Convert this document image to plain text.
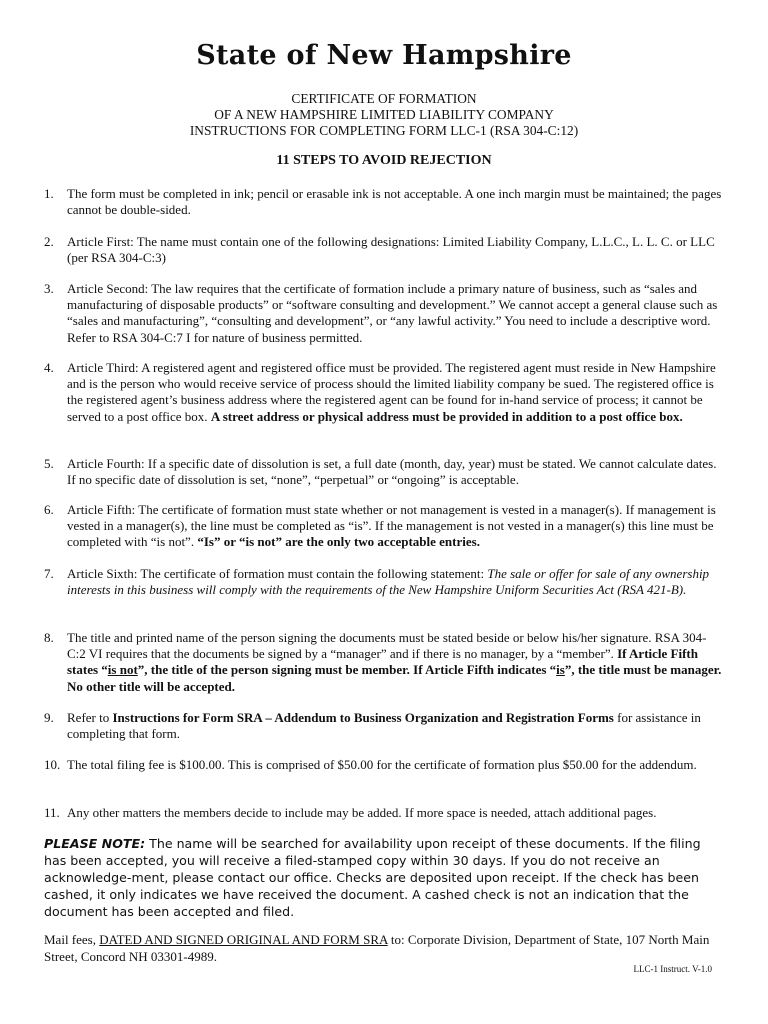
State of New Hampshire
CERTIFICATE OF FORMATION
OF A NEW HAMPSHIRE LIMITED LIABILITY COMPANY
INSTRUCTIONS FOR COMPLETING FORM LLC-1 (RSA 304-C:12)
11 STEPS TO AVOID REJECTION
1. The form must be completed in ink; pencil or erasable ink is not acceptable. A one inch margin must be maintained; the pages cannot be double-sided.
2. Article First: The name must contain one of the following designations: Limited Liability Company, L.L.C., L. L. C. or LLC (per RSA 304-C:3)
3. Article Second: The law requires that the certificate of formation include a primary nature of business, such as “sales and manufacturing of disposable products” or “software consulting and development.” We cannot accept a general clause such as “sales and manufacturing”, “consulting and development”, or “any lawful activity.” You need to include a descriptive word. Refer to RSA 304-C:7 I for nature of business permitted.
4. Article Third: A registered agent and registered office must be provided. The registered agent must reside in New Hampshire and is the person who would receive service of process should the limited liability company be sued. The registered office is the registered agent’s business address where the registered agent can be found for in-hand service of process; it cannot be served to a post office box. A street address or physical address must be provided in addition to a post office box.
5. Article Fourth: If a specific date of dissolution is set, a full date (month, day, year) must be stated. We cannot calculate dates. If no specific date of dissolution is set, “none”, “perpetual” or “ongoing” is acceptable.
6. Article Fifth: The certificate of formation must state whether or not management is vested in a manager(s). If management is vested in a manager(s), the line must be completed as “is”. If the management is not vested in a manager(s) this line must be completed with “is not”. “Is” or “is not” are the only two acceptable entries.
7. Article Sixth: The certificate of formation must contain the following statement: The sale or offer for sale of any ownership interests in this business will comply with the requirements of the New Hampshire Uniform Securities Act (RSA 421-B).
8. The title and printed name of the person signing the documents must be stated beside or below his/her signature. RSA 304-C:2 VI requires that the documents be signed by a “manager” and if there is no manager, by a “member”. If Article Fifth states “is not”, the title of the person signing must be member. If Article Fifth indicates “is”, the title must be manager. No other title will be accepted.
9. Refer to Instructions for Form SRA – Addendum to Business Organization and Registration Forms for assistance in completing that form.
10. The total filing fee is $100.00. This is comprised of $50.00 for the certificate of formation plus $50.00 for the addendum.
11. Any other matters the members decide to include may be added. If more space is needed, attach additional pages.
PLEASE NOTE: The name will be searched for availability upon receipt of these documents. If the filing has been accepted, you will receive a filed-stamped copy within 30 days. If you do not receive an acknowledge-ment, please contact our office. Checks are deposited upon receipt. If the check has been cashed, it only indicates we have received the document. A cashed check is not an indication that the document has been accepted and filed.
Mail fees, DATED AND SIGNED ORIGINAL AND FORM SRA to: Corporate Division, Department of State, 107 North Main Street, Concord NH 03301-4989.
LLC-1 Instruct. V-1.0
